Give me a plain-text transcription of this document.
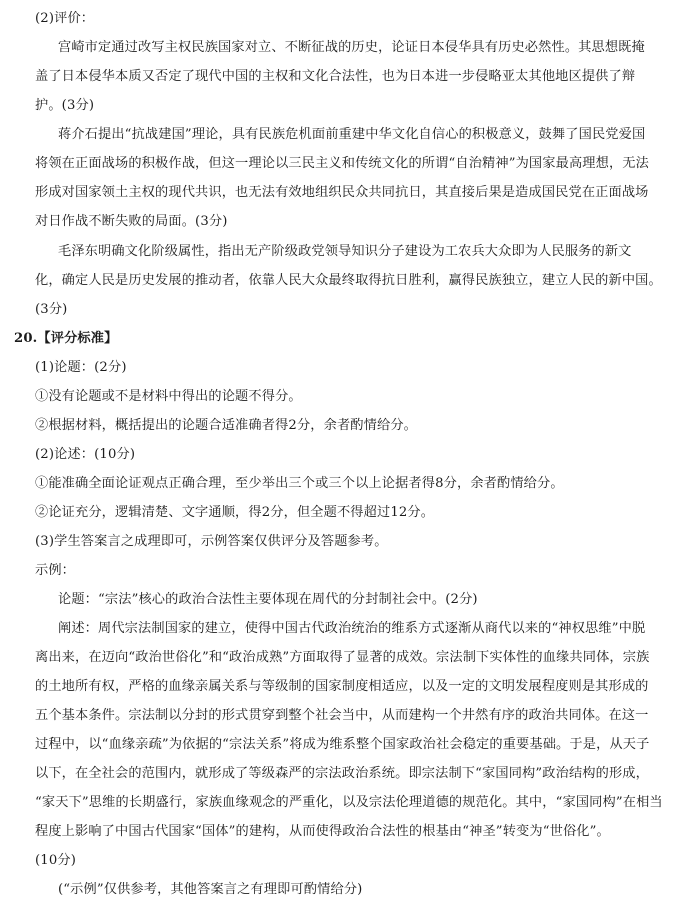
(2)评价：
宫崎市定通过改写主权民族国家对立、不断征战的历史，论证日本侵华具有历史必然性。其思想既掩
盖了日本侵华本质又否定了现代中国的主权和文化合法性，也为日本进一步侵略亚太其他地区提供了辩
护。(3分)
蒋介石提出“抗战建国”理论，具有民族危机面前重建中华文化自信心的积极意义，鼓舞了国民党爱国
将领在正面战场的积极作战，但这一理论以三民主义和传统文化的所谓“自治精神”为国家最高理想，无法
形成对国家领土主权的现代共识，也无法有效地组织民众共同抗日，其直接后果是造成国民党在正面战场
对日作战不断失败的局面。(3分)
毛泽东明确文化阶级属性，指出无产阶级政党领导知识分子建设为工农兵大众即为人民服务的新文
化，确定人民是历史发展的推动者，依靠人民大众最终取得抗日胜利，赢得民族独立，建立人民的新中国。
(3分)
20.【评分标准】
(1)论题：(2分)
①没有论题或不是材料中得出的论题不得分。
②根据材料，概括提出的论题合适准确者得2分，余者酌情给分。
(2)论述：(10分)
①能准确全面论证观点正确合理，至少举出三个或三个以上论据者得8分，余者酌情给分。
②论证充分，逻辑清楚、文字通顺，得2分，但全题不得超过12分。
(3)学生答案言之成理即可，示例答案仅供评分及答题参考。
示例：
论题：“宗法”核心的政治合法性主要体现在周代的分封制社会中。(2分)
阐述：周代宗法制国家的建立，使得中国古代政治统治的维系方式逐渐从商代以来的“神权思维”中脱
离出来，在迈向“政治世俗化”和“政治成熟”方面取得了显著的成效。宗法制下实体性的血缘共同体，宗族
的土地所有权，严格的血缘亲属关系与等级制的国家制度相适应，以及一定的文明发展程度则是其形成的
五个基本条件。宗法制以分封的形式贯穿到整个社会当中，从而建构一个井然有序的政治共同体。在这一
过程中，以“血缘亲疏”为依据的“宗法关系”将成为维系整个国家政治社会稳定的重要基础。于是，从天子
以下，在全社会的范围内，就形成了等级森严的宗法政治系统。即宗法制下“家国同构”政治结构的形成，
“家天下”思维的长期盛行，家族血缘观念的严重化，以及宗法伦理道德的规范化。其中，“家国同构”在相当
程度上影响了中国古代国家“国体”的建构，从而使得政治合法性的根基由“神圣”转变为“世俗化”。
(10分)
(“示例”仅供参考，其他答案言之有理即可酌情给分)
